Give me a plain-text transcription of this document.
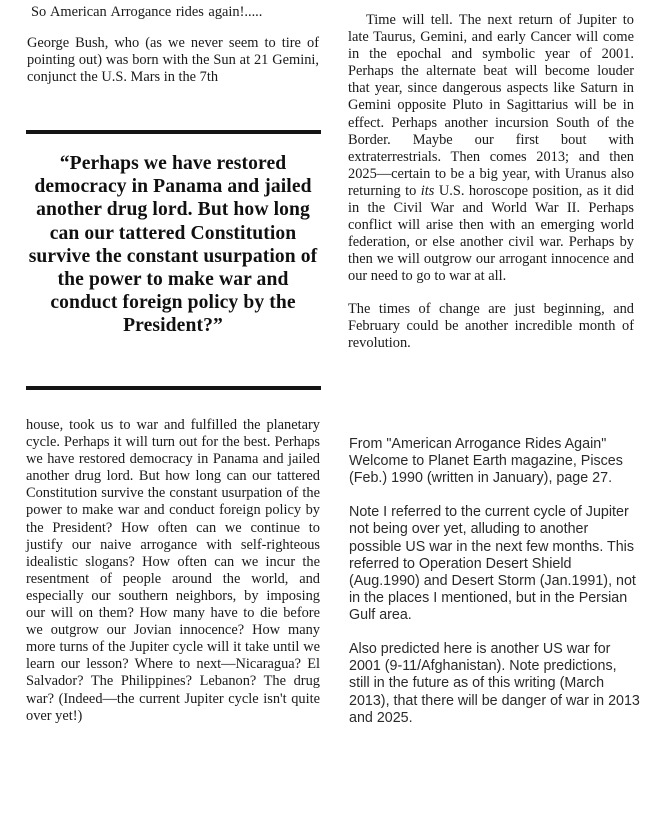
So American Arrogance rides again!.....

George Bush, who (as we never seem to tire of pointing out) was born with the Sun at 21 Gemini, conjunct the U.S. Mars in the 7th

“Perhaps we have restored democracy in Panama and jailed another drug lord. But how long can our tattered Constitution survive the constant usurpation of the power to make war and conduct foreign policy by the President?”

house, took us to war and fulfilled the planetary cycle. Perhaps it will turn out for the best. Perhaps we have restored democracy in Panama and jailed another drug lord. But how long can our tattered Constitution survive the constant usurpation of the power to make war and conduct foreign policy by the President? How often can we continue to justify our naive arrogance with self-righteous idealistic slogans? How often can we incur the resentment of people around the world, and especially our southern neighbors, by imposing our will on them? How many have to die before we outgrow our Jovian innocence? How many more turns of the Jupiter cycle will it take until we learn our lesson? Where to next—Nicaragua? El Salvador? The Philippines? Lebanon? The drug war? (Indeed—the current Jupiter cycle isn't quite over yet!)

Time will tell. The next return of Jupiter to late Taurus, Gemini, and early Cancer will come in the epochal and symbolic year of 2001. Perhaps the alternate beat will become louder that year, since dangerous aspects like Saturn in Gemini opposite Pluto in Sagittarius will be in effect. Perhaps another incursion South of the Border. Maybe our first bout with extraterrestrials. Then comes 2013; and then 2025—certain to be a big year, with Uranus also returning to its U.S. horoscope position, as it did in the Civil War and World War II. Perhaps conflict will arise then with an emerging world federation, or else another civil war. Perhaps by then we will outgrow our arrogant innocence and our need to go to war at all.

The times of change are just beginning, and February could be another incredible month of revolution.

From "American Arrogance Rides Again" Welcome to Planet Earth magazine, Pisces (Feb.) 1990 (written in January), page 27.

Note I referred to the current cycle of Jupiter not being over yet, alluding to another possible US war in the next few months. This referred to Operation Desert Shield (Aug.1990) and Desert Storm (Jan.1991), not in the places I mentioned, but in the Persian Gulf area.

Also predicted here is another US war for 2001 (9-11/Afghanistan). Note predictions, still in the future as of this writing (March 2013), that there will be danger of war in 2013 and 2025.
